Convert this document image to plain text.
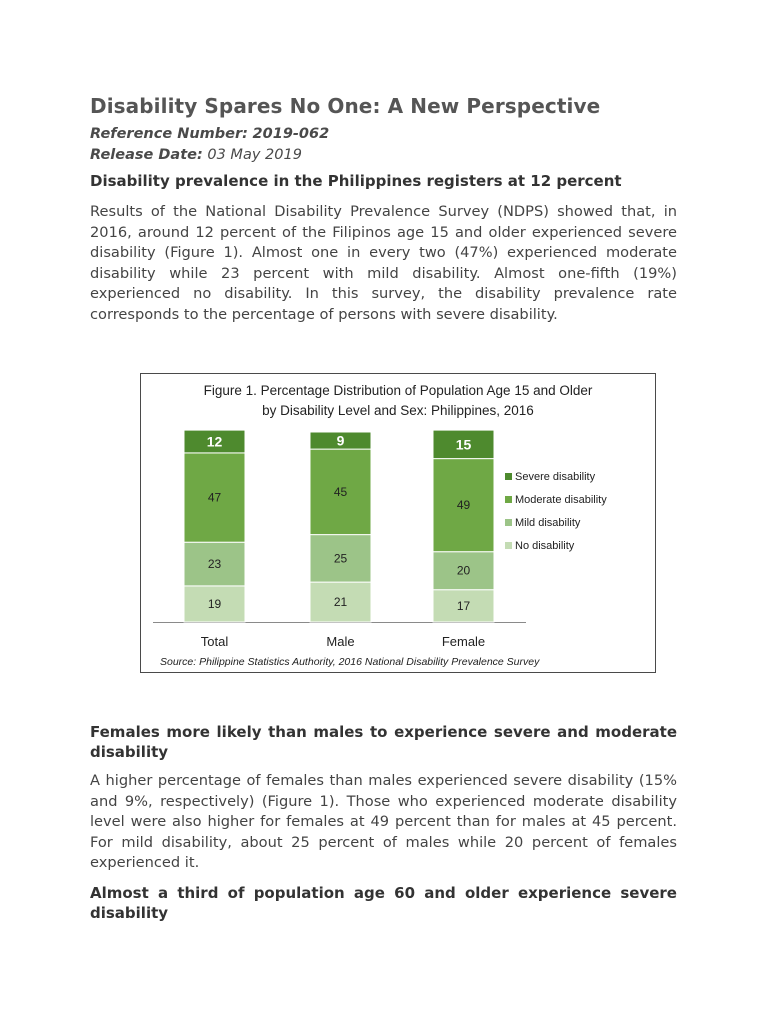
Disability Spares No One: A New Perspective
Reference Number: 2019-062
Release Date: 03 May 2019
Disability prevalence in the Philippines registers at 12 percent

Results of the National Disability Prevalence Survey (NDPS) showed that, in 2016, around 12 percent of the Filipinos age 15 and older experienced severe disability (Figure 1). Almost one in every two (47%) experienced moderate disability while 23 percent with mild disability. Almost one-fifth (19%) experienced no disability. In this survey, the disability prevalence rate corresponds to the percentage of persons with severe disability.

Figure 1. Percentage Distribution of Population Age 15 and Older
by Disability Level and Sex: Philippines, 2016
19
23
47
12
Total
21
25
45
9
Male
17
20
49
15
Female
Severe disability
Moderate disability
Mild disability
No disability
Source: Philippine Statistics Authority, 2016 National Disability Prevalence Survey
Females more likely than males to experience severe and moderate disability

A higher percentage of females than males experienced severe disability (15% and 9%, respectively) (Figure 1). Those who experienced moderate disability level were also higher for females at 49 percent than for males at 45 percent. For mild disability, about 25 percent of males while 20 percent of females experienced it.

Almost a third of population age 60 and older experience severe disability
